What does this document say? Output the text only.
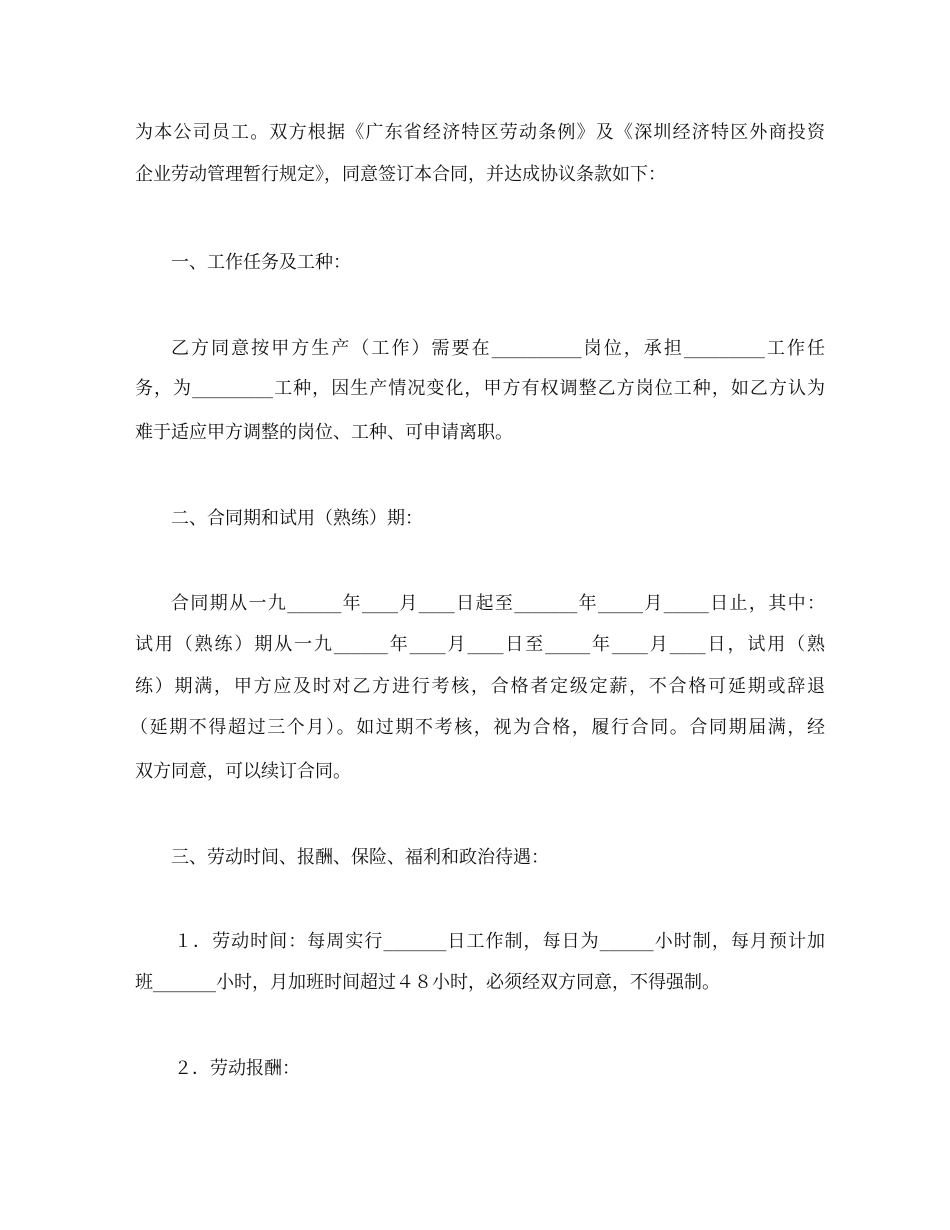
为本公司员工。双方根据《广东省经济特区劳动条例》及《深圳经济特区外商投资
企业劳动管理暂行规定》，同意签订本合同，并达成协议条款如下：
一、工作任务及工种：
乙方同意按甲方生产（工作）需要在__________岗位，承担_________工作任
务，为_________工种，因生产情况变化，甲方有权调整乙方岗位工种，如乙方认为
难于适应甲方调整的岗位、工种、可申请离职。
二、合同期和试用（熟练）期：
合同期从一九______年____月____日起至_______年_____月_____日止，其中：
试用（熟练）期从一九______年____月____日至_____年____月____日，试用（熟
练）期满，甲方应及时对乙方进行考核，合格者定级定薪，不合格可延期或辞退
（延期不得超过三个月）。如过期不考核，视为合格，履行合同。合同期届满，经
双方同意，可以续订合同。
三、劳动时间、报酬、保险、福利和政治待遇：
１．劳动时间：每周实行_______日工作制，每日为______小时制，每月预计加
班_______小时，月加班时间超过４８小时，必须经双方同意，不得强制。
２．劳动报酬：
